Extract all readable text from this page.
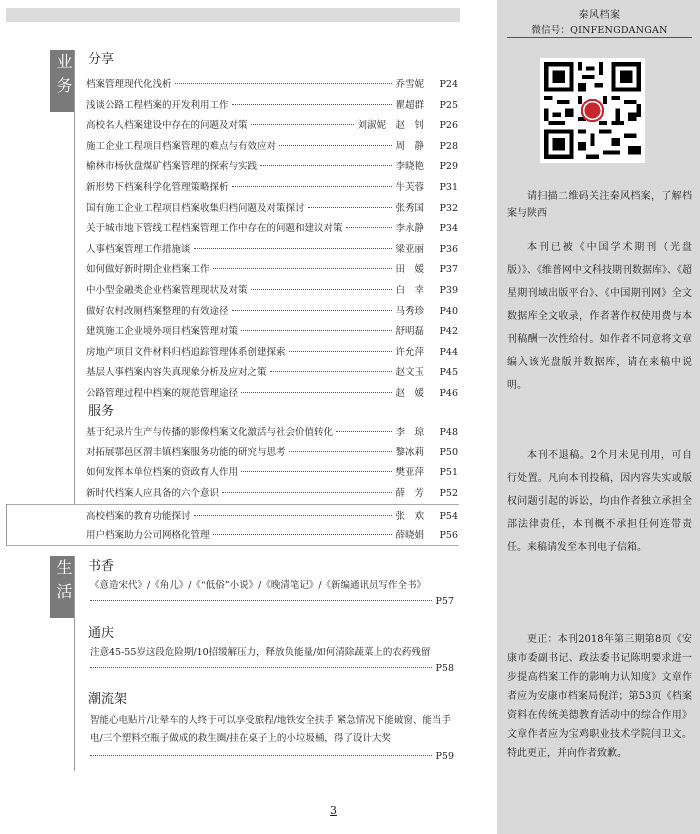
秦风档案
微信号：QINFENGDANGAN
请扫描二维码关注秦风档案，了解档案与陕西
本刊已被《中国学术期刊（光盘版）》、《维普网中文科技期刊数据库》、《超星期刊域出版平台》、《中国期刊网》全文数据库全文收录，作者著作权使用费与本刊稿酬一次性给付。如作者不同意将文章编入该光盘版并数据库，请在来稿中说明。
本刊不退稿。2个月未见刊用，可自行处置。凡向本刊投稿，因内容失实或版权问题引起的诉讼，均由作者独立承担全部法律责任，本刊概不承担任何连带责任。来稿请发至本刊电子信箱。
更正：本刊2018年第三期第8页《安康市委副书记、政法委书记陈明要求进一步提高档案工作的影响力认知度》文章作者应为安康市档案局倪洋；第53页《档案资料在传统美德教育活动中的综合作用》文章作者应为宝鸡职业技术学院闫卫文。特此更正，并向作者致歉。
业务
生活
分享
服务
书香
通庆
潮流架
档案管理现代化浅析	乔雪妮	P24
浅谈公路工程档案的开发利用工作	瞿超群	P25
高校名人档案建设中存在的问题及对策	刘淑妮　赵　钊	P26
施工企业工程项目档案管理的难点与有效应对	周　静	P28
榆林市杨伙盘煤矿档案管理的探索与实践	李晓艳	P29
新形势下档案科学化管理策略探析	牛芙蓉	P31
国有施工企业工程项目档案收集归档问题及对策探讨	张秀国	P32
关于城市地下管线工程档案管理工作中存在的问题和建议对策	李永静	P34
人事档案管理工作措施谈	梁亚丽	P36
如何做好新时期企业档案工作	田　媛	P37
中小型金融类企业档案管理现状及对策	白　幸	P39
做好农村改厕档案整理的有效途径	马秀珍	P40
建筑施工企业境外项目档案管理对策	舒明磊	P42
房地产项目文件材料归档追踪管理体系创建探索	许允萍	P44
基层人事档案内容失真现象分析及应对之策	赵文玉	P45
公路管理过程中档案的规范管理途径	赵　媛	P46
基于纪录片生产与传播的影像档案文化激活与社会价值转化	李　琼	P48
对拓展鄠邑区渭丰镇档案服务功能的研究与思考	黎冰莉	P50
如何发挥本单位档案的资政育人作用	樊亚萍	P51
新时代档案人应具备的六个意识	薛　芳	P52
高校档案的教育功能探讨	张　欢	P54
用户档案助力公司网格化管理	薛晓娟	P56
《意造宋代》/《角儿》/《“低俗”小说》/《晚清笔记》/《新编通讯员写作全书》
P57
注意45-55岁这段危险期/10招缓解压力，释放负能量/如何清除蔬菜上的农药残留
P58
智能心电贴片/让晕车的人终于可以享受旅程/地铁安全扶手 紧急情况下能破窗、能当手电/三个塑料空瓶子做成的救生圈/挂在桌子上的小垃圾桶，得了设计大奖
P59
3
